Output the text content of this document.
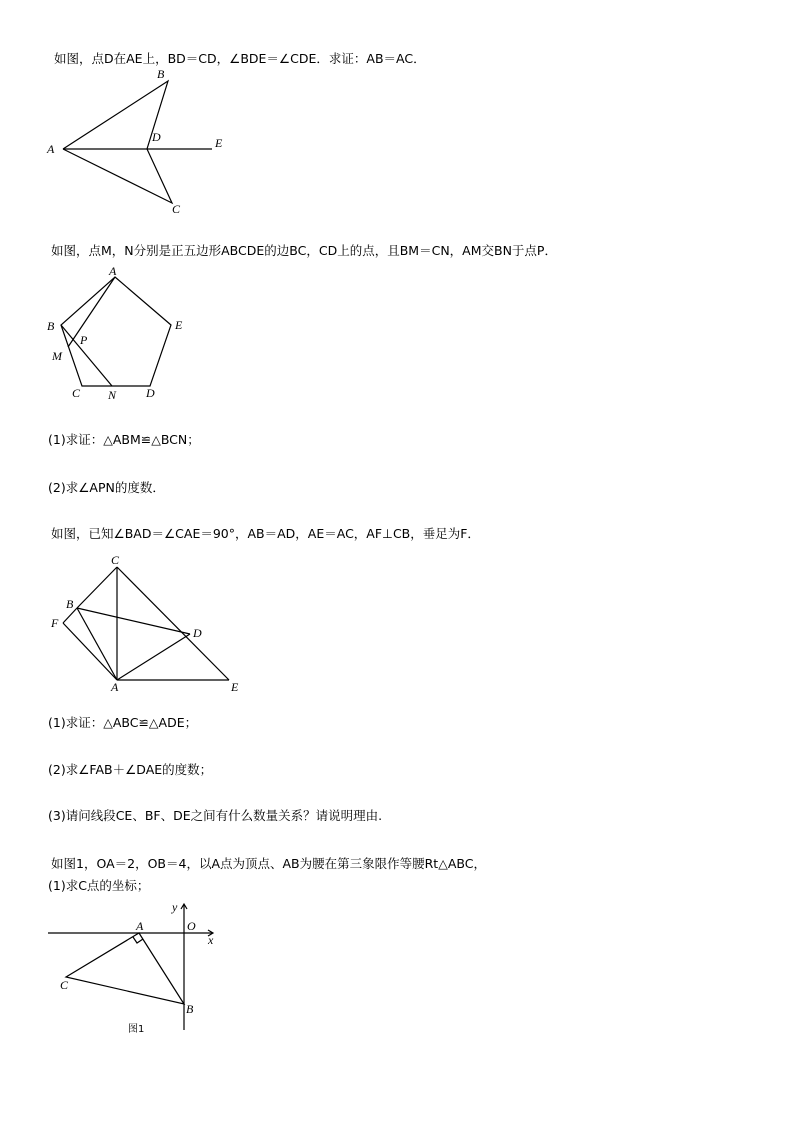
如图，点D在AE上，BD＝CD，∠BDE＝∠CDE．求证：AB＝AC．
A
B
C
D	E
如图，点M，N分别是正五边形ABCDE的边BC，CD上的点，且BM＝CN，AM交BN于点P．
A
B	E
P
M
C N D
(1)求证：△ABM≌△BCN；
(2)求∠APN的度数．
如图，已知∠BAD＝∠CAE＝90°，AB＝AD，AE＝AC，AF⊥CB，垂足为F．
C
B
F
D
A	E
(1)求证：△ABC≌△ADE；
(2)求∠FAB＋∠DAE的度数；
(3)请问线段CE、BF、DE之间有什么数量关系？请说明理由.
如图1，OA＝2，OB＝4，以A点为顶点、AB为腰在第三象限作等腰Rt△ABC，
(1)求C点的坐标；
y
A	O
x
C
B
图1
